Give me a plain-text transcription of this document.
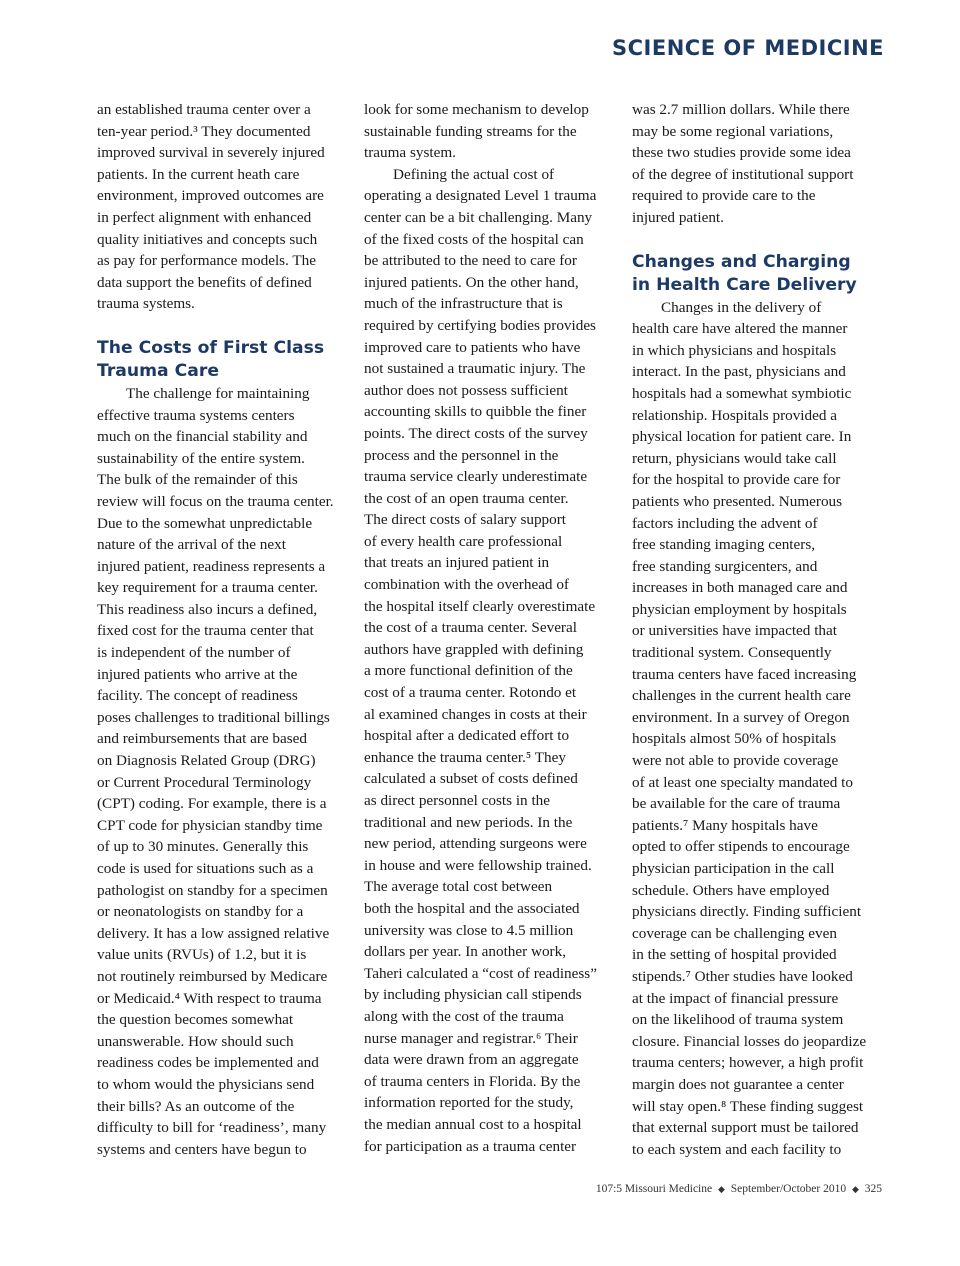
SCIENCE OF MEDICINE
an established trauma center over a
ten-year period.³ They documented
improved survival in severely injured
patients. In the current heath care
environment, improved outcomes are
in perfect alignment with enhanced
quality initiatives and concepts such
as pay for performance models. The
data support the benefits of defined
trauma systems.
The Costs of First Class
Trauma Care
The challenge for maintaining
effective trauma systems centers
much on the financial stability and
sustainability of the entire system.
The bulk of the remainder of this
review will focus on the trauma center.
Due to the somewhat unpredictable
nature of the arrival of the next
injured patient, readiness represents a
key requirement for a trauma center.
This readiness also incurs a defined,
fixed cost for the trauma center that
is independent of the number of
injured patients who arrive at the
facility. The concept of readiness
poses challenges to traditional billings
and reimbursements that are based
on Diagnosis Related Group (DRG)
or Current Procedural Terminology
(CPT) coding. For example, there is a
CPT code for physician standby time
of up to 30 minutes. Generally this
code is used for situations such as a
pathologist on standby for a specimen
or neonatologists on standby for a
delivery. It has a low assigned relative
value units (RVUs) of 1.2, but it is
not routinely reimbursed by Medicare
or Medicaid.⁴ With respect to trauma
the question becomes somewhat
unanswerable. How should such
readiness codes be implemented and
to whom would the physicians send
their bills? As an outcome of the
difficulty to bill for ‘readiness’, many
systems and centers have begun to
look for some mechanism to develop
sustainable funding streams for the
trauma system.
Defining the actual cost of
operating a designated Level 1 trauma
center can be a bit challenging. Many
of the fixed costs of the hospital can
be attributed to the need to care for
injured patients. On the other hand,
much of the infrastructure that is
required by certifying bodies provides
improved care to patients who have
not sustained a traumatic injury. The
author does not possess sufficient
accounting skills to quibble the finer
points. The direct costs of the survey
process and the personnel in the
trauma service clearly underestimate
the cost of an open trauma center.
The direct costs of salary support
of every health care professional
that treats an injured patient in
combination with the overhead of
the hospital itself clearly overestimate
the cost of a trauma center. Several
authors have grappled with defining
a more functional definition of the
cost of a trauma center. Rotondo et
al examined changes in costs at their
hospital after a dedicated effort to
enhance the trauma center.⁵ They
calculated a subset of costs defined
as direct personnel costs in the
traditional and new periods. In the
new period, attending surgeons were
in house and were fellowship trained.
The average total cost between
both the hospital and the associated
university was close to 4.5 million
dollars per year. In another work,
Taheri calculated a “cost of readiness”
by including physician call stipends
along with the cost of the trauma
nurse manager and registrar.⁶ Their
data were drawn from an aggregate
of trauma centers in Florida. By the
information reported for the study,
the median annual cost to a hospital
for participation as a trauma center
was 2.7 million dollars. While there
may be some regional variations,
these two studies provide some idea
of the degree of institutional support
required to provide care to the
injured patient.
Changes and Charging
in Health Care Delivery
Changes in the delivery of
health care have altered the manner
in which physicians and hospitals
interact. In the past, physicians and
hospitals had a somewhat symbiotic
relationship. Hospitals provided a
physical location for patient care. In
return, physicians would take call
for the hospital to provide care for
patients who presented. Numerous
factors including the advent of
free standing imaging centers,
free standing surgicenters, and
increases in both managed care and
physician employment by hospitals
or universities have impacted that
traditional system. Consequently
trauma centers have faced increasing
challenges in the current health care
environment. In a survey of Oregon
hospitals almost 50% of hospitals
were not able to provide coverage
of at least one specialty mandated to
be available for the care of trauma
patients.⁷ Many hospitals have
opted to offer stipends to encourage
physician participation in the call
schedule. Others have employed
physicians directly. Finding sufficient
coverage can be challenging even
in the setting of hospital provided
stipends.⁷ Other studies have looked
at the impact of financial pressure
on the likelihood of trauma system
closure. Financial losses do jeopardize
trauma centers; however, a high profit
margin does not guarantee a center
will stay open.⁸ These finding suggest
that external support must be tailored
to each system and each facility to
107:5 Missouri Medicine ◆ September/October 2010 ◆ 325
